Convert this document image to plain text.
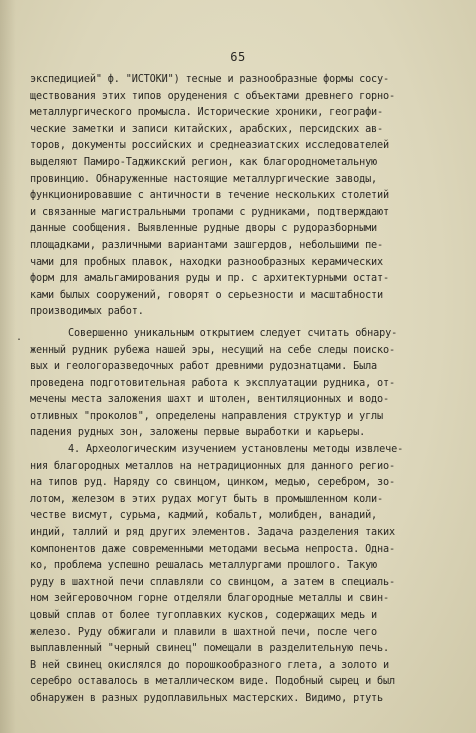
65
.
экспедицией" ф. "ИСТОКИ") тесные и разнообразные формы сосу-
ществования этих типов оруденения с объектами древнего горно-
металлургического промысла. Исторические хроники, географи-
ческие заметки и записи китайских, арабских, персидских ав-
торов, документы российских и среднеазиатских исследователей
выделяют Памиро-Таджикский регион, как благороднометальную
провинцию. Обнаруженные настоящие металлургические заводы,
функционировавшие с античности в течение нескольких столетий
и связанные магистральными тропами с рудниками, подтверждают
данные сообщения. Выявленные рудные дворы с рудоразборными
площадками, различными вариантами зашгердов, небольшими пе-
чами для пробных плавок, находки разнообразных керамических
форм для амальгамирования руды и пр. с архитектурными остат-
ками былых сооружений, говорят о серьезности и масштабности
производимых работ.
Совершенно уникальным открытием следует считать обнару-
женный рудник рубежа нашей эры, несущий на себе следы поиско-
вых и геологоразведочных работ древними рудознатцами. Была
проведена подготовительная работа к эксплуатации рудника, от-
мечены места заложения шахт и штолен, вентиляционных и водо-
отливных "проколов", определены направления структур и углы
падения рудных зон, заложены первые выработки и карьеры.
4. Археологическим изучением установлены методы извлече-
ния благородных металлов на нетрадиционных для данного регио-
на типов руд. Наряду со свинцом, цинком, медью, серебром, зо-
лотом, железом в этих рудах могут быть в промышленном коли-
честве висмут, сурьма, кадмий, кобальт, молибден, ванадий,
индий, таллий и ряд других элементов. Задача разделения таких
компонентов даже современными методами весьма непроста. Одна-
ко, проблема успешно решалась металлургами прошлого. Такую
руду в шахтной печи сплавляли со свинцом, а затем в специаль-
ном зейгеровочном горне отделяли благородные металлы и свин-
цовый сплав от более тугоплавких кусков, содержащих медь и
железо. Руду обжигали и плавили в шахтной печи, после чего
выплавленный "черный свинец" помещали в разделительную печь.
В ней свинец окислялся до порошкообразного глета, а золото и
серебро оставалось в металлическом виде. Подобный сырец и был
обнаружен в разных рудоплавильных мастерских. Видимо, ртуть
